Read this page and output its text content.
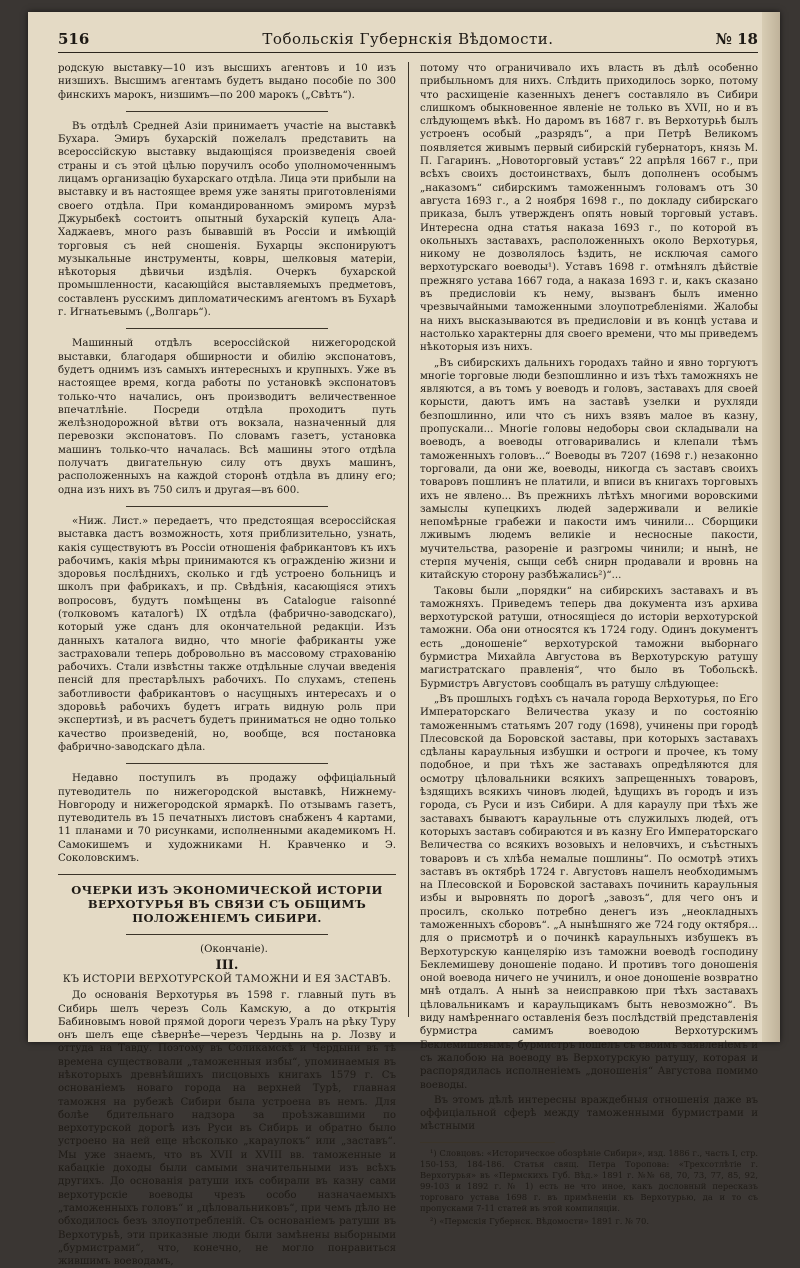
516	Тобольскія Губернскія Вѣдомости.	№ 18

родскую выставку—10 изъ высшихъ агентовъ и 10 изъ низшихъ. Высшимъ агентамъ будетъ выдано пособіе по 300 финскихъ марокъ, низшимъ—по 200 марокъ („Свѣтъ“).

Въ отдѣлѣ Средней Азіи принимаетъ участіе на выставкѣ Бухара. Эмиръ бухарскій пожелалъ представить на всероссійскую выставку выдающіяся произведенія своей страны и съ этой цѣлью поручилъ особо уполномоченнымъ лицамъ организацію бухарскаго отдѣла. Лица эти прибыли на выставку и въ настоящее время уже заняты приготовленіями своего отдѣла. При командированномъ эмиромъ мурзѣ Джурыбекѣ состоитъ опытный бухарскій купецъ Ала-Хаджаевъ, много разъ бывавшій въ Россіи и имѣющій торговыя съ ней сношенія. Бухарцы экспонируютъ музыкальные инструменты, ковры, шелковыя матеріи, нѣкоторыя дѣвичьи издѣлія. Очеркъ бухарской промышленности, касающійся выставляемыхъ предметовъ, составленъ русскимъ дипломатическимъ агентомъ въ Бухарѣ г. Игнатьевымъ („Волгарь“).

Машинный отдѣлъ всероссійской нижегородской выставки, благодаря обширности и обилію экспонатовъ, будетъ однимъ изъ самыхъ интересныхъ и крупныхъ. Уже въ настоящее время, когда работы по установкѣ экспонатовъ только-что начались, онъ производитъ величественное впечатлѣніе. Посреди отдѣла проходитъ путь желѣзнодорожной вѣтви отъ вокзала, назначенный для перевозки экспонатовъ. По словамъ газетъ, установка машинъ только-что началась. Всѣ машины этого отдѣла получатъ двигательную силу отъ двухъ машинъ, расположенныхъ на каждой сторонѣ отдѣла въ длину его; одна изъ нихъ въ 750 силъ и другая—въ 600.

«Ниж. Лист.» передаетъ, что предстоящая всероссійская выставка дастъ возможность, хотя приблизительно, узнать, какія существуютъ въ Россіи отношенія фабрикантовъ къ ихъ рабочимъ, какія мѣры принимаются къ огражденію жизни и здоровья послѣднихъ, сколько и гдѣ устроено больницъ и школъ при фабрикахъ, и пр. Свѣдѣнія, касающіяся этихъ вопросовъ, будутъ помѣщены въ Catalogue raisonné (толковомъ каталогѣ) IX отдѣла (фабрично-заводскаго), который уже сданъ для окончательной редакціи. Изъ данныхъ каталога видно, что многіе фабриканты уже застраховали теперь добровольно въ массовому страхованію рабочихъ. Стали извѣстны также отдѣльные случаи введенія пенсій для престарѣлыхъ рабочихъ. По слухамъ, степень заботливости фабрикантовъ о насущныхъ интересахъ и о здоровьѣ рабочихъ будетъ играть видную роль при экспертизѣ, и въ расчетъ будетъ приниматься не одно только качество произведеній, но, вообще, вся постановка фабрично-заводскаго дѣла.

Недавно поступилъ въ продажу оффиціальный путеводитель по нижегородской выставкѣ, Нижнему-Новгороду и нижегородской ярмаркѣ. По отзывамъ газетъ, путеводитель въ 15 печатныхъ листовъ снабженъ 4 картами, 11 планами и 70 рисунками, исполненными академикомъ Н. Самокишемъ и художниками Н. Кравченко и Э. Соколовскимъ.

ОЧЕРКИ ИЗЪ ЭКОНОМИЧЕСКОЙ ИСТОРІИ ВЕРХОТУРЬЯ ВЪ СВЯЗИ СЪ ОБЩИМЪ ПОЛОЖЕНІЕМЪ СИБИРИ.

(Окончаніе).

III.
КЪ ИСТОРІИ ВЕРХОТУРСКОЙ ТАМОЖНИ И ЕЯ ЗАСТАВЪ.

До основанія Верхотурья въ 1598 г. главный путь въ Сибирь шелъ черезъ Соль Камскую, а до открытія Бабиновымъ новой прямой дороги черезъ Уралъ на рѣку Туру онъ шелъ еще сѣвернѣе—черезъ Чердынь на р. Лозву и оттуда на Тавду. Поэтому въ Соликамскѣ и Чердыни въ тѣ времена существовали „таможенныя избы“, упоминаемыя въ нѣкоторыхъ древнѣйшихъ писцовыхъ книгахъ 1579 г. Съ основаніемъ новаго города на верхней Турѣ, главная таможня на рубежѣ Сибири была устроена въ немъ. Для болѣе бдительнаго надзора за проѣзжавшими по верхотурской дорогѣ изъ Руси въ Сибирь и обратно было устроено на ней еще нѣсколько „караулокъ“ или „заставъ“. Мы уже знаемъ, что въ XVII и XVIII вв. таможенные и кабацкіе доходы были самыми значительными изъ всѣхъ другихъ. До основанія ратуши ихъ собирали въ казну сами верхотурскіе воеводы чрезъ особо назначаемыхъ „таможенныхъ головъ“ и „цѣловальниковъ“, при чемъ дѣло не обходилось безъ злоупотребленій. Съ основаніемъ ратуши въ Верхотурьѣ, эти приказные люди были замѣнены выборными „бурмистрами“, что, конечно, не могло понравиться жившимъ воеводамъ,

потому что ограничивало ихъ власть въ дѣлѣ особенно прибыльномъ для нихъ. Слѣдить приходилось зорко, потому что расхищеніе казенныхъ денегъ составляло въ Сибири слишкомъ обыкновенное явленіе не только въ XVII, но и въ слѣдующемъ вѣкѣ. Но даромъ въ 1687 г. въ Верхотурьѣ былъ устроенъ особый „разрядъ“, а при Петрѣ Великомъ появляется живымъ первый сибирскій губернаторъ, князь М. П. Гагаринъ. „Новоторговый уставъ“ 22 апрѣля 1667 г., при всѣхъ своихъ достоинствахъ, былъ дополненъ особымъ „наказомъ“ сибирскимъ таможеннымъ головамъ отъ 30 августа 1693 г., а 2 ноября 1698 г., по докладу сибирскаго приказа, былъ утвержденъ опять новый торговый уставъ. Интересна одна статья наказа 1693 г., по которой въ окольныхъ заставахъ, расположенныхъ около Верхотурья, никому не дозволялось ѣздить, не исключая самого верхотурскаго воеводы¹). Уставъ 1698 г. отмѣнялъ дѣйствіе прежняго устава 1667 года, а наказа 1693 г. и, какъ сказано въ предисловіи къ нему, вызванъ былъ именно чрезвычайными таможенными злоупотребленіями. Жалобы на нихъ высказываются въ предисловіи и въ концѣ устава и настолько характерны для своего времени, что мы приведемъ нѣкоторыя изъ нихъ.

„Въ сибирскихъ дальнихъ городахъ тайно и явно торгуютъ многіе торговые люди безпошлинно и изъ тѣхъ таможняхъ не являются, а въ томъ у воеводъ и головъ, заставахъ для своей корысти, даютъ имъ на заставѣ узелки и рухляди безпошлинно, или что съ нихъ взявъ малое въ казну, пропускали... Многіе головы недоборы свои складывали на воеводъ, а воеводы отговаривались и клепали тѣмъ таможенныхъ головъ...“ Воеводы въ 7207 (1698 г.) незаконно торговали, да они же, воеводы, никогда съ заставъ своихъ товаровъ пошлинъ не платили, и вписи въ книгахъ торговыхъ ихъ не явлено... Въ прежнихъ лѣтѣхъ многими воровскими замыслы купецкихъ людей задерживали и великіе непомѣрные грабежи и пакости имъ чинили... Сборщики лживымъ людемъ великіе и несносные пакости, мучительства, разореніе и разгромы чинили; и нынѣ, не стерпя мученія, сыщи себѣ снирн продавали и вровнь на китайскую сторону разбѣжались²)“...

Таковы были „порядки“ на сибирскихъ заставахъ и въ таможняхъ. Приведемъ теперь два документа изъ архива верхотурской ратуши, относящіеся до исторіи верхотурской таможни. Оба они относятся къ 1724 году. Одинъ документъ есть „доношеніе“ верхотурской таможни выборнаго бурмистра Михайла Августова въ Верхотурскую ратушу магистратскаго правленія“, что было въ Тобольскѣ. Бурмистръ Августовъ сообщалъ въ ратушу слѣдующее:

„Въ прошлыхъ годѣхъ съ начала города Верхотурья, по Его Императорскаго Величества указу и по состоянію таможеннымъ статьямъ 207 году (1698), учинены при городѣ Плесовской да Боровской заставы, при которыхъ заставахъ сдѣланы караульныя избушки и остроги и прочее, къ тому подобное, и при тѣхъ же заставахъ опредѣляются для осмотру цѣловальники всякихъ запрещенныхъ товаровъ, ѣздящихъ всякихъ чиновъ людей, ѣдущихъ въ городъ и изъ города, съ Руси и изъ Сибири. А для караулу при тѣхъ же заставахъ бываютъ караульные отъ служилыхъ людей, отъ которыхъ заставъ собираются и въ казну Его Императорскаго Величества со всякихъ возовыхъ и неловчихъ, и съѣстныхъ товаровъ и съ хлѣба немалые пошлины“. По осмотрѣ этихъ заставъ въ октябрѣ 1724 г. Августовъ нашелъ необходимымъ на Плесовской и Боровской заставахъ починить караульныя избы и выровнять по дорогѣ „завозъ“, для чего онъ и просилъ, сколько потребно денегъ изъ „неокладныхъ таможенныхъ сборовъ“. „А нынѣшняго же 724 году октября... для о присмотрѣ и о починкѣ караульныхъ избушекъ въ Верхотурскую канцелярію изъ таможни воеводѣ господину Беклемишеву доношеніе подано. И противъ того доношенія оной воевода ничего не учинилъ, и оное доношеніе возвратно мнѣ отдалъ. А нынѣ за неисправкою при тѣхъ заставахъ цѣловальникамъ и караульщикамъ быть невозможно“. Въ виду намѣреннаго оставленія безъ послѣдствій представленія бурмистра самимъ воеводою Верхотурскимъ Беклемишевымъ, бурмистръ пошелъ съ своимъ заявленіемъ и съ жалобою на воеводу въ Верхотурскую ратушу, которая и распорядилась исполненіемъ „доношенія“ Августова помимо воеводы.

Въ этомъ дѣлѣ интересны враждебныя отношенія даже въ оффиціальной сферѣ между таможенными бурмистрами и мѣстными

¹) Словцовъ: «Историческое обозрѣніе Сибири», изд. 1886 г., часть I, стр. 150-153, 184-186. Статья свящ. Петра Торопова: «Трехсотлѣтіе г. Верхотурья» въ «Пермскихъ Губ. Вѣд.» 1891 г. №№ 68, 70, 73, 77, 85, 92, 99-103 и 1892 г. № 1) есть не что иное, какъ дословный пересказъ торговаго устава 1698 г. въ примѣненіи къ Верхотурью, да и то съ пропусками 7-11 статей въ этой компиляціи.

²) «Пермскія Губернск. Вѣдомости» 1891 г. № 70.
